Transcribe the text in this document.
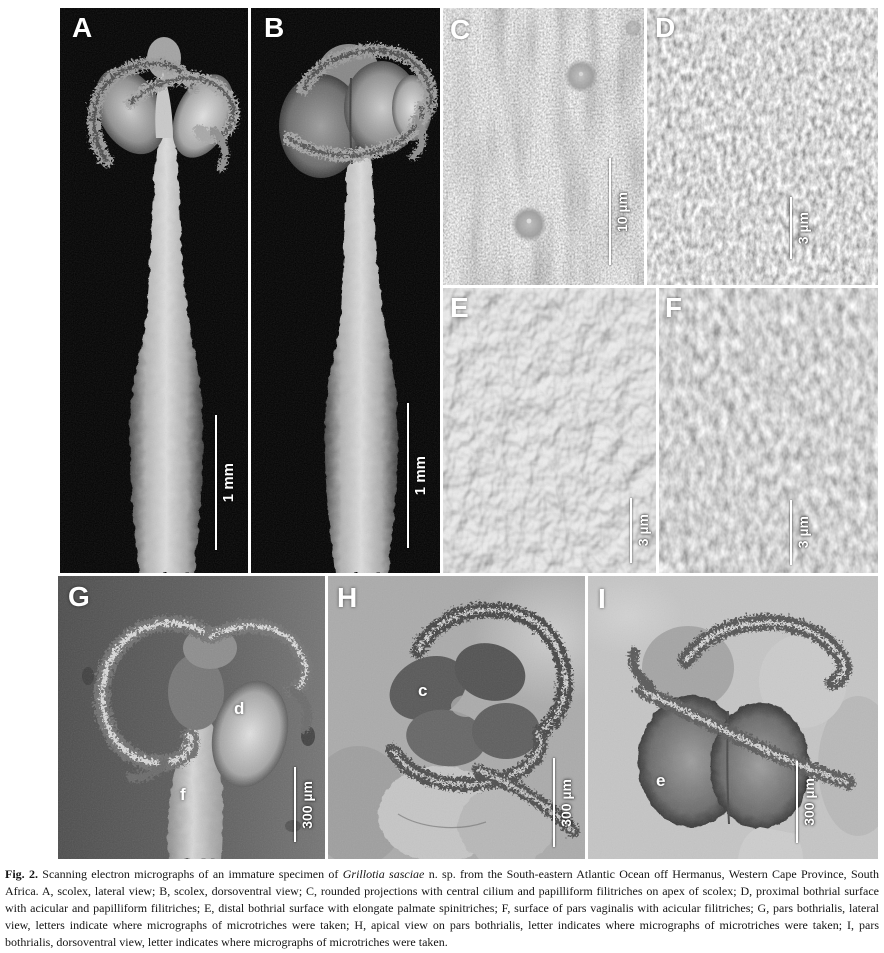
A
1 mm
B
1 mm
C
10 µm
D
3 µm
E
3 µm
F
3 µm
G
d
f	300 µm
H
c
300 µm
I
e	300 µm

Fig. 2. Scanning electron micrographs of an immature specimen of Grillotia sasciae n. sp. from the South-eastern Atlantic Ocean off Hermanus, Western Cape Province, South Africa. A, scolex, lateral view; B, scolex, dorsoventral view; C, rounded projections with central cilium and papilliform filitriches on apex of scolex; D, proximal bothrial surface with acicular and papilliform filitriches; E, distal bothrial surface with elongate palmate spinitriches; F, surface of pars vaginalis with acicular filitriches; G, pars bothrialis, lateral view, letters indicate where micrographs of microtriches were taken; H, apical view on pars bothrialis, letter indicates where micrographs of microtriches were taken; I, pars bothrialis, dorsoventral view, letter indicates where micrographs of microtriches were taken.
